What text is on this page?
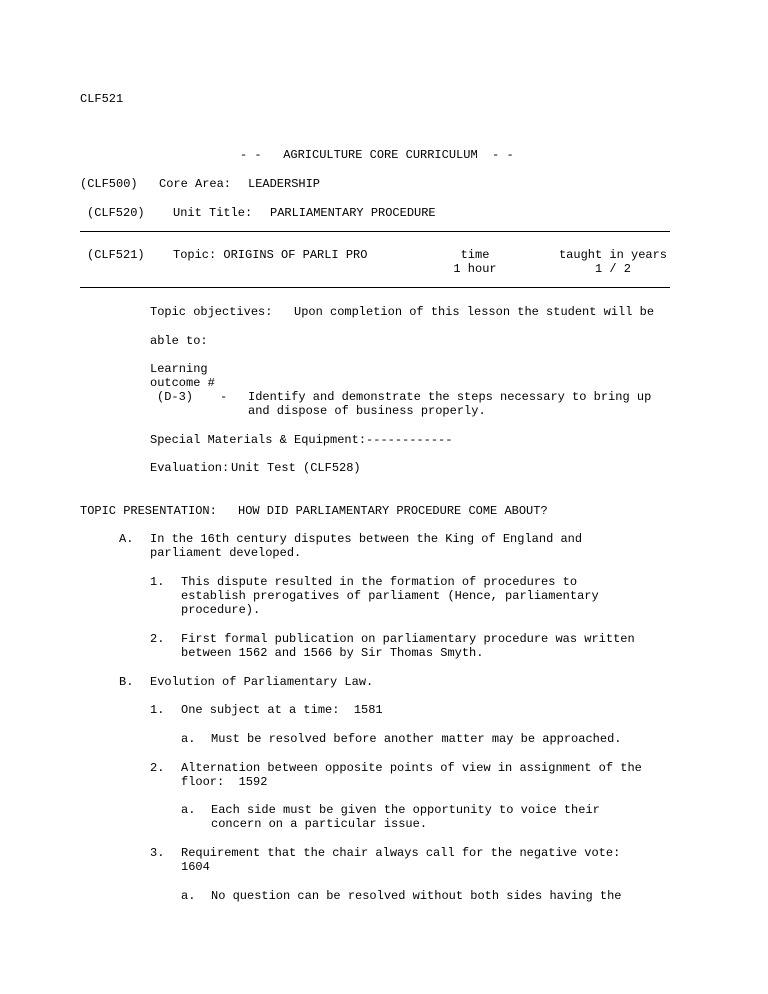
CLF521
- -   AGRICULTURE CORE CURRICULUM  - -
(CLF500) Core Area: LEADERSHIP
(CLF520) Unit Title: PARLIAMENTARY PROCEDURE
(CLF521) Topic: ORIGINS OF PARLI PRO	time
1 hour
taught in years
1 / 2
Topic objectives: Upon completion of this lesson the student will be
able to:
Learning
outcome #
(D-3) - Identify and demonstrate the steps necessary to bring up
and dispose of business properly.
Special Materials & Equipment:------------
Evaluation: Unit Test (CLF528)
TOPIC PRESENTATION: HOW DID PARLIAMENTARY PROCEDURE COME ABOUT?
A. In the 16th century disputes between the King of England and
parliament developed.
1. This dispute resulted in the formation of procedures to
establish prerogatives of parliament (Hence, parliamentary
procedure).
2. First formal publication on parliamentary procedure was written
between 1562 and 1566 by Sir Thomas Smyth.
B. Evolution of Parliamentary Law.
1. One subject at a time:  1581
a. Must be resolved before another matter may be approached.
2. Alternation between opposite points of view in assignment of the
floor:  1592
a. Each side must be given the opportunity to voice their
concern on a particular issue.
3. Requirement that the chair always call for the negative vote:
1604
a. No question can be resolved without both sides having the
